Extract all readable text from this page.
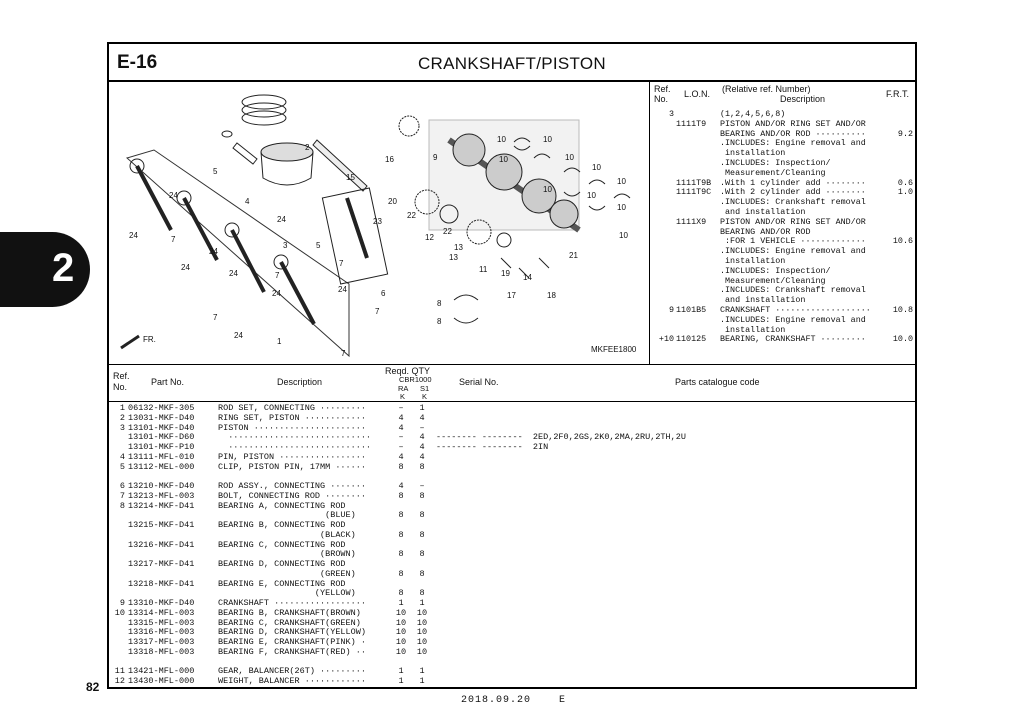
2
82
2018.09.20	E
E-16	CRANKSHAFT/PISTON
2
5
4
3
15
16	9
20
22
23
5
12
22
13
13
11 19 14
21
17	18
8
8
10	10
10	10
10
10
10
10
10
10
24
24
24
24
24
24
24
24
24
7
7
7
7
7
7
6
1
FR.
MKFEE1800
Ref.
No. L.O.N. (Relative ref. Number)
Description	F.R.T.
3	(1,2,4,5,6,8)
1111T9	PISTON AND/OR RING SET AND/OR
BEARING AND/OR ROD ··········	9.2
.INCLUDES: Engine removal and
installation
.INCLUDES: Inspection/
Measurement/Cleaning
1111T9B	.With 1 cylinder add ········	0.6
1111T9C	.With 2 cylinder add ········	1.0
.INCLUDES: Crankshaft removal
and installation
1111X9	PISTON AND/OR RING SET AND/OR
BEARING AND/OR ROD
:FOR 1 VEHICLE ·············	10.6
.INCLUDES: Engine removal and
installation
.INCLUDES: Inspection/
Measurement/Cleaning
.INCLUDES: Crankshaft removal
and installation
9 1101B5	CRANKSHAFT ···················	10.8
.INCLUDES: Engine removal and
installation
+10 110125	BEARING, CRANKSHAFT ·········	10.0
Ref.
No.	Part No.	Description
Reqd. QTY
CBR1000
RA S1
K K
Serial No.	Parts catalogue code
1 06132-MKF-305	ROD SET, CONNECTING ·········	–	1
2 13031-MKF-D40	RING SET, PISTON ············	4	4
3 13101-MKF-D40	PISTON ······················	4	–
13101-MKF-D60	····························	–	4	-------- --------  2ED,2F0,2GS,2K0,2MA,2RU,2TH,2U
13101-MKF-P10	····························	–	4	-------- --------  2IN
4 13111-MFL-010	PIN, PISTON ·················	4	4
5 13112-MEL-000	CLIP, PISTON PIN, 17MM ······	8	8
6 13210-MKF-D40	ROD ASSY., CONNECTING ·······	4	–
7 13213-MFL-003	BOLT, CONNECTING ROD ········	8	8
8 13214-MKF-D41	BEARING A, CONNECTING ROD
(BLUE)	8	8
13215-MKF-D41	BEARING B, CONNECTING ROD
(BLACK)	8	8
13216-MKF-D41	BEARING C, CONNECTING ROD
(BROWN)	8	8
13217-MKF-D41	BEARING D, CONNECTING ROD
(GREEN)	8	8
13218-MKF-D41	BEARING E, CONNECTING ROD
(YELLOW)	8	8
9 13310-MKF-D40	CRANKSHAFT ··················	1	1
10 13314-MFL-003	BEARING B, CRANKSHAFT(BROWN)	10	10
13315-MFL-003	BEARING C, CRANKSHAFT(GREEN)	10	10
13316-MFL-003	BEARING D, CRANKSHAFT(YELLOW)	10	10
13317-MFL-003	BEARING E, CRANKSHAFT(PINK) ·	10	10
13318-MFL-003	BEARING F, CRANKSHAFT(RED) ··	10	10
11 13421-MFL-000	GEAR, BALANCER(26T) ·········	1	1
12 13430-MFL-000	WEIGHT, BALANCER ············	1	1
